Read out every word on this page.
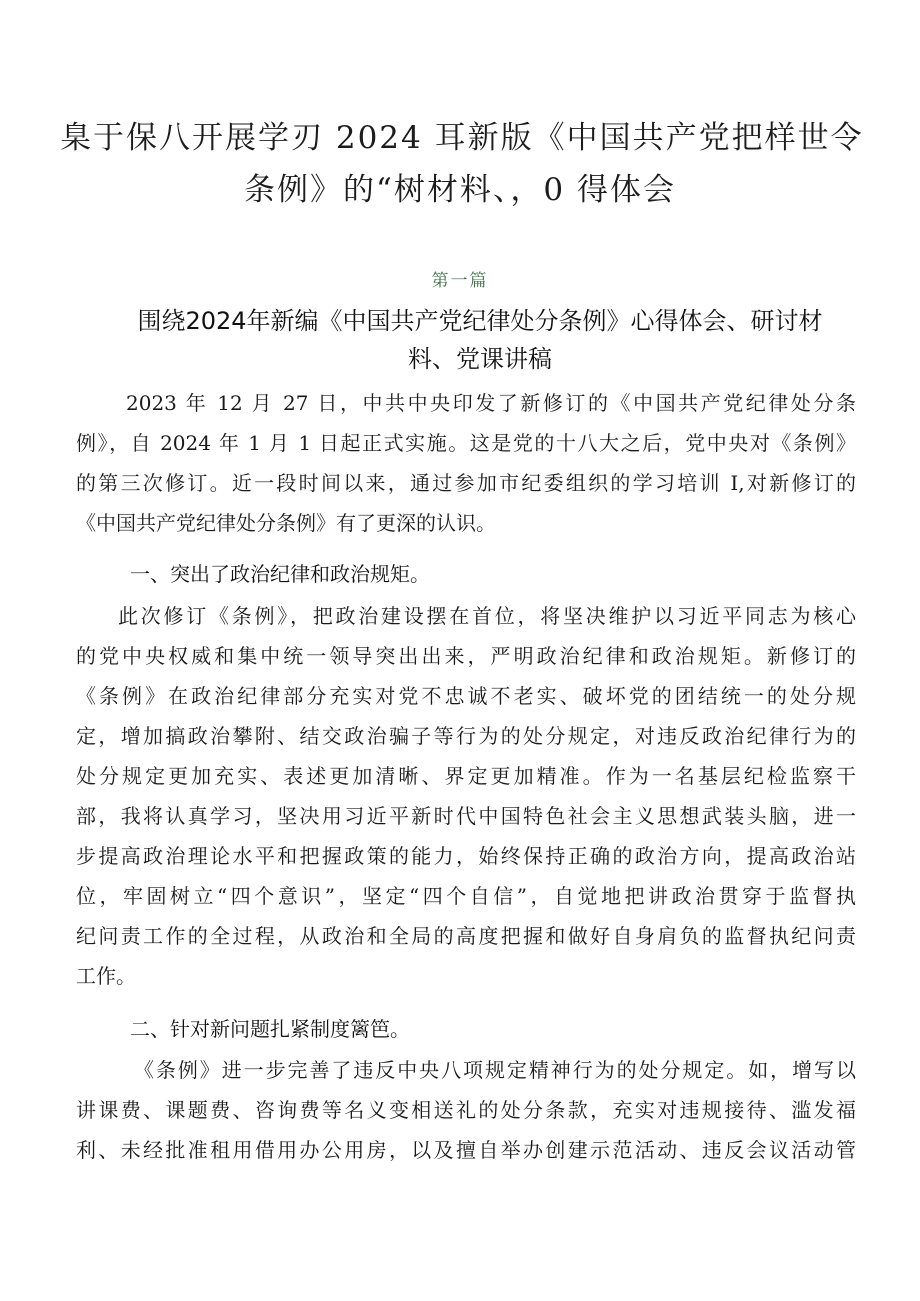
臬于保八开展学刃 2024 耳新版《中国共产党把样世令
条例》的“树材料、，0 得体会
第一篇
围绕2024年新编《中国共产党纪律处分条例》心得体会、研讨材
料、党课讲稿
2023 年 12 月 27 日，中共中央印发了新修订的《中国共产党纪律处分条
例》，自 2024 年 1 月 1 日起正式实施。这是党的十八大之后，党中央对《条例》
的第三次修订。近一段时间以来，通过参加市纪委组织的学习培训 I,对新修订的
《中国共产党纪律处分条例》有了更深的认识。
一、突出了政治纪律和政治规矩。
此次修订《条例》，把政治建设摆在首位，将坚决维护以习近平同志为核心
的党中央权威和集中统一领导突出出来，严明政治纪律和政治规矩。新修订的
《条例》在政治纪律部分充实对党不忠诚不老实、破坏党的团结统一的处分规
定，增加搞政治攀附、结交政治骗子等行为的处分规定，对违反政治纪律行为的
处分规定更加充实、表述更加清晰、界定更加精准。作为一名基层纪检监察干
部，我将认真学习，坚决用习近平新时代中国特色社会主义思想武装头脑，进一
步提高政治理论水平和把握政策的能力，始终保持正确的政治方向，提高政治站
位，牢固树立“四个意识”，坚定“四个自信”，自觉地把讲政治贯穿于监督执
纪问责工作的全过程，从政治和全局的高度把握和做好自身肩负的监督执纪问责
工作。
二、针对新问题扎紧制度篱笆。
《条例》进一步完善了违反中央八项规定精神行为的处分规定。如，增写以
讲课费、课题费、咨询费等名义变相送礼的处分条款，充实对违规接待、滥发福
利、未经批准租用借用办公用房，以及擅自举办创建示范活动、违反会议活动管
